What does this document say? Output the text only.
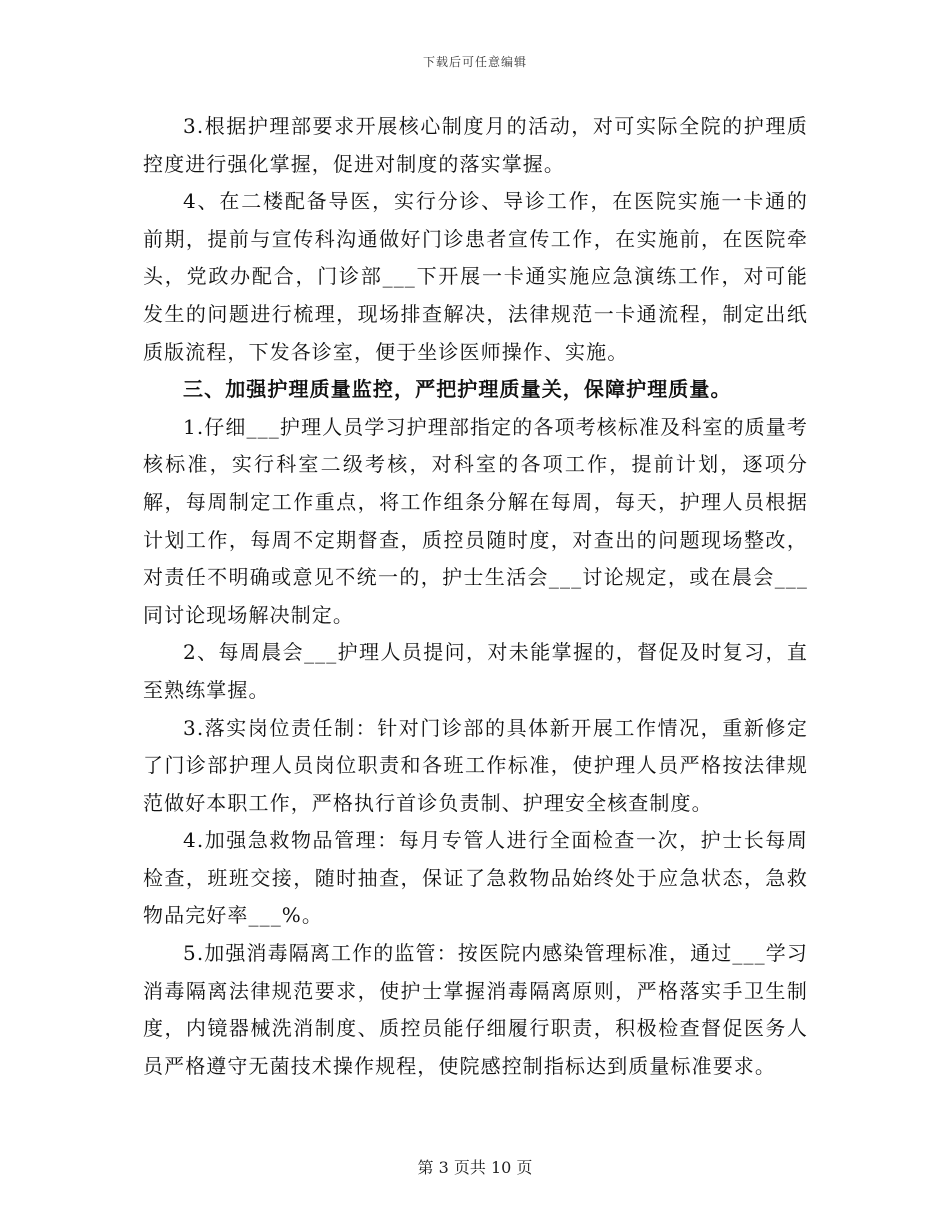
下载后可任意编辑

3.根据护理部要求开展核心制度月的活动，对可实际全院的护理质控度进行强化掌握，促进对制度的落实掌握。

4、在二楼配备导医，实行分诊、导诊工作，在医院实施一卡通的前期，提前与宣传科沟通做好门诊患者宣传工作，在实施前，在医院牵头，党政办配合，门诊部___下开展一卡通实施应急演练工作，对可能发生的问题进行梳理，现场排查解决，法律规范一卡通流程，制定出纸质版流程，下发各诊室，便于坐诊医师操作、实施。

三、加强护理质量监控，严把护理质量关，保障护理质量。

1.仔细___护理人员学习护理部指定的各项考核标准及科室的质量考核标准，实行科室二级考核，对科室的各项工作，提前计划，逐项分解，每周制定工作重点，将工作组条分解在每周，每天，护理人员根据计划工作，每周不定期督查，质控员随时度，对查出的问题现场整改，对责任不明确或意见不统一的，护士生活会___讨论规定，或在晨会___同讨论现场解决制定。

2、每周晨会___护理人员提问，对未能掌握的，督促及时复习，直至熟练掌握。

3.落实岗位责任制：针对门诊部的具体新开展工作情况，重新修定了门诊部护理人员岗位职责和各班工作标准，使护理人员严格按法律规范做好本职工作，严格执行首诊负责制、护理安全核查制度。

4.加强急救物品管理：每月专管人进行全面检查一次，护士长每周检查，班班交接，随时抽查，保证了急救物品始终处于应急状态，急救物品完好率___%。

5.加强消毒隔离工作的监管：按医院内感染管理标准，通过___学习消毒隔离法律规范要求，使护士掌握消毒隔离原则，严格落实手卫生制度，内镜器械洗消制度、质控员能仔细履行职责，积极检查督促医务人员严格遵守无菌技术操作规程，使院感控制指标达到质量标准要求。

第 3 页共 10 页
